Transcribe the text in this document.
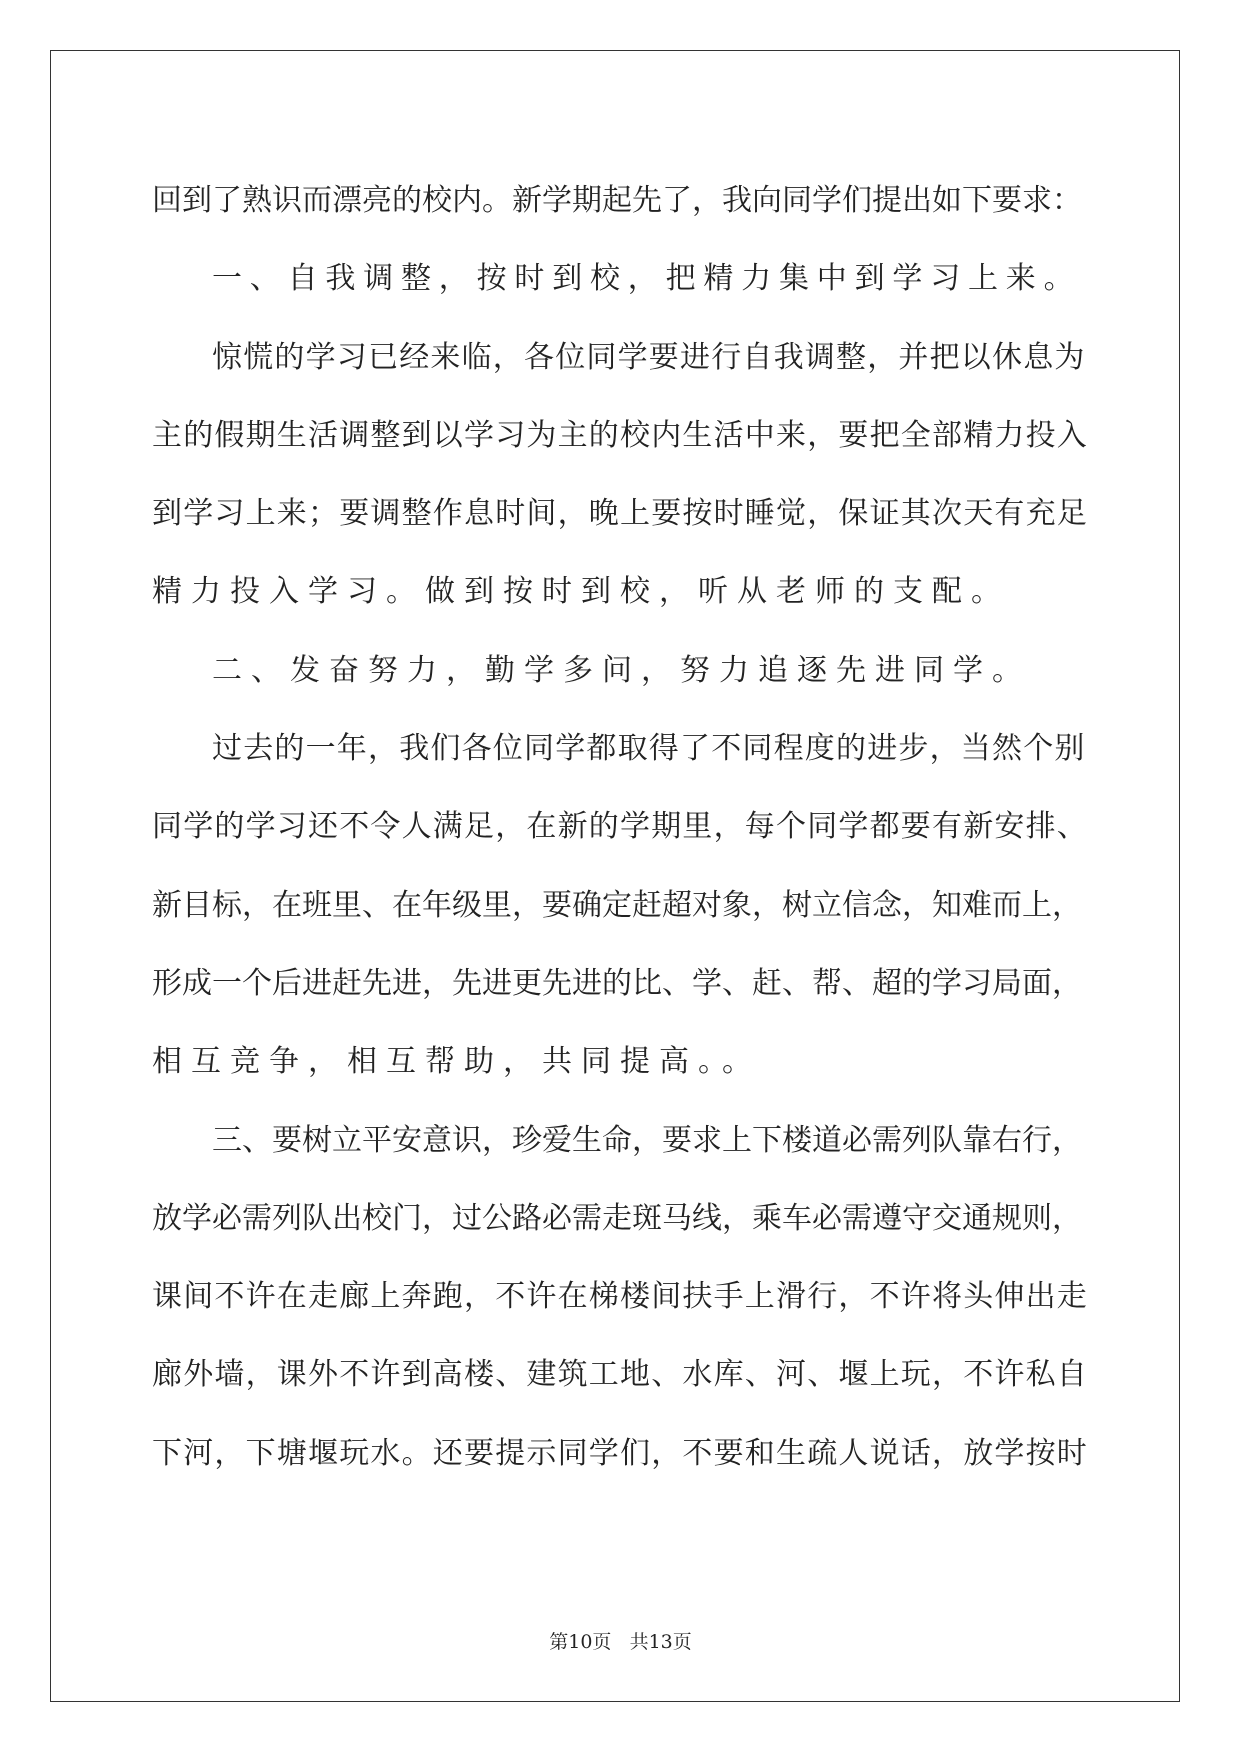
回到了熟识而漂亮的校内。新学期起先了，我向同学们提出如下要求：
一、自我调整，按时到校，把精力集中到学习上来。
惊慌的学习已经来临，各位同学要进行自我调整，并把以休息为
主的假期生活调整到以学习为主的校内生活中来，要把全部精力投入
到学习上来；要调整作息时间，晚上要按时睡觉，保证其次天有充足
精力投入学习。做到按时到校，听从老师的支配。
二、发奋努力，勤学多问，努力追逐先进同学。
过去的一年，我们各位同学都取得了不同程度的进步，当然个别
同学的学习还不令人满足，在新的学期里，每个同学都要有新安排、
新目标，在班里、在年级里，要确定赶超对象，树立信念，知难而上，
形成一个后进赶先进，先进更先进的比、学、赶、帮、超的学习局面，
相互竞争，相互帮助，共同提高。。
三、要树立平安意识，珍爱生命，要求上下楼道必需列队靠右行，
放学必需列队出校门，过公路必需走斑马线，乘车必需遵守交通规则，
课间不许在走廊上奔跑，不许在梯楼间扶手上滑行，不许将头伸出走
廊外墙，课外不许到高楼、建筑工地、水库、河、堰上玩，不许私自
下河，下塘堰玩水。还要提示同学们，不要和生疏人说话，放学按时
第10页 共13页
